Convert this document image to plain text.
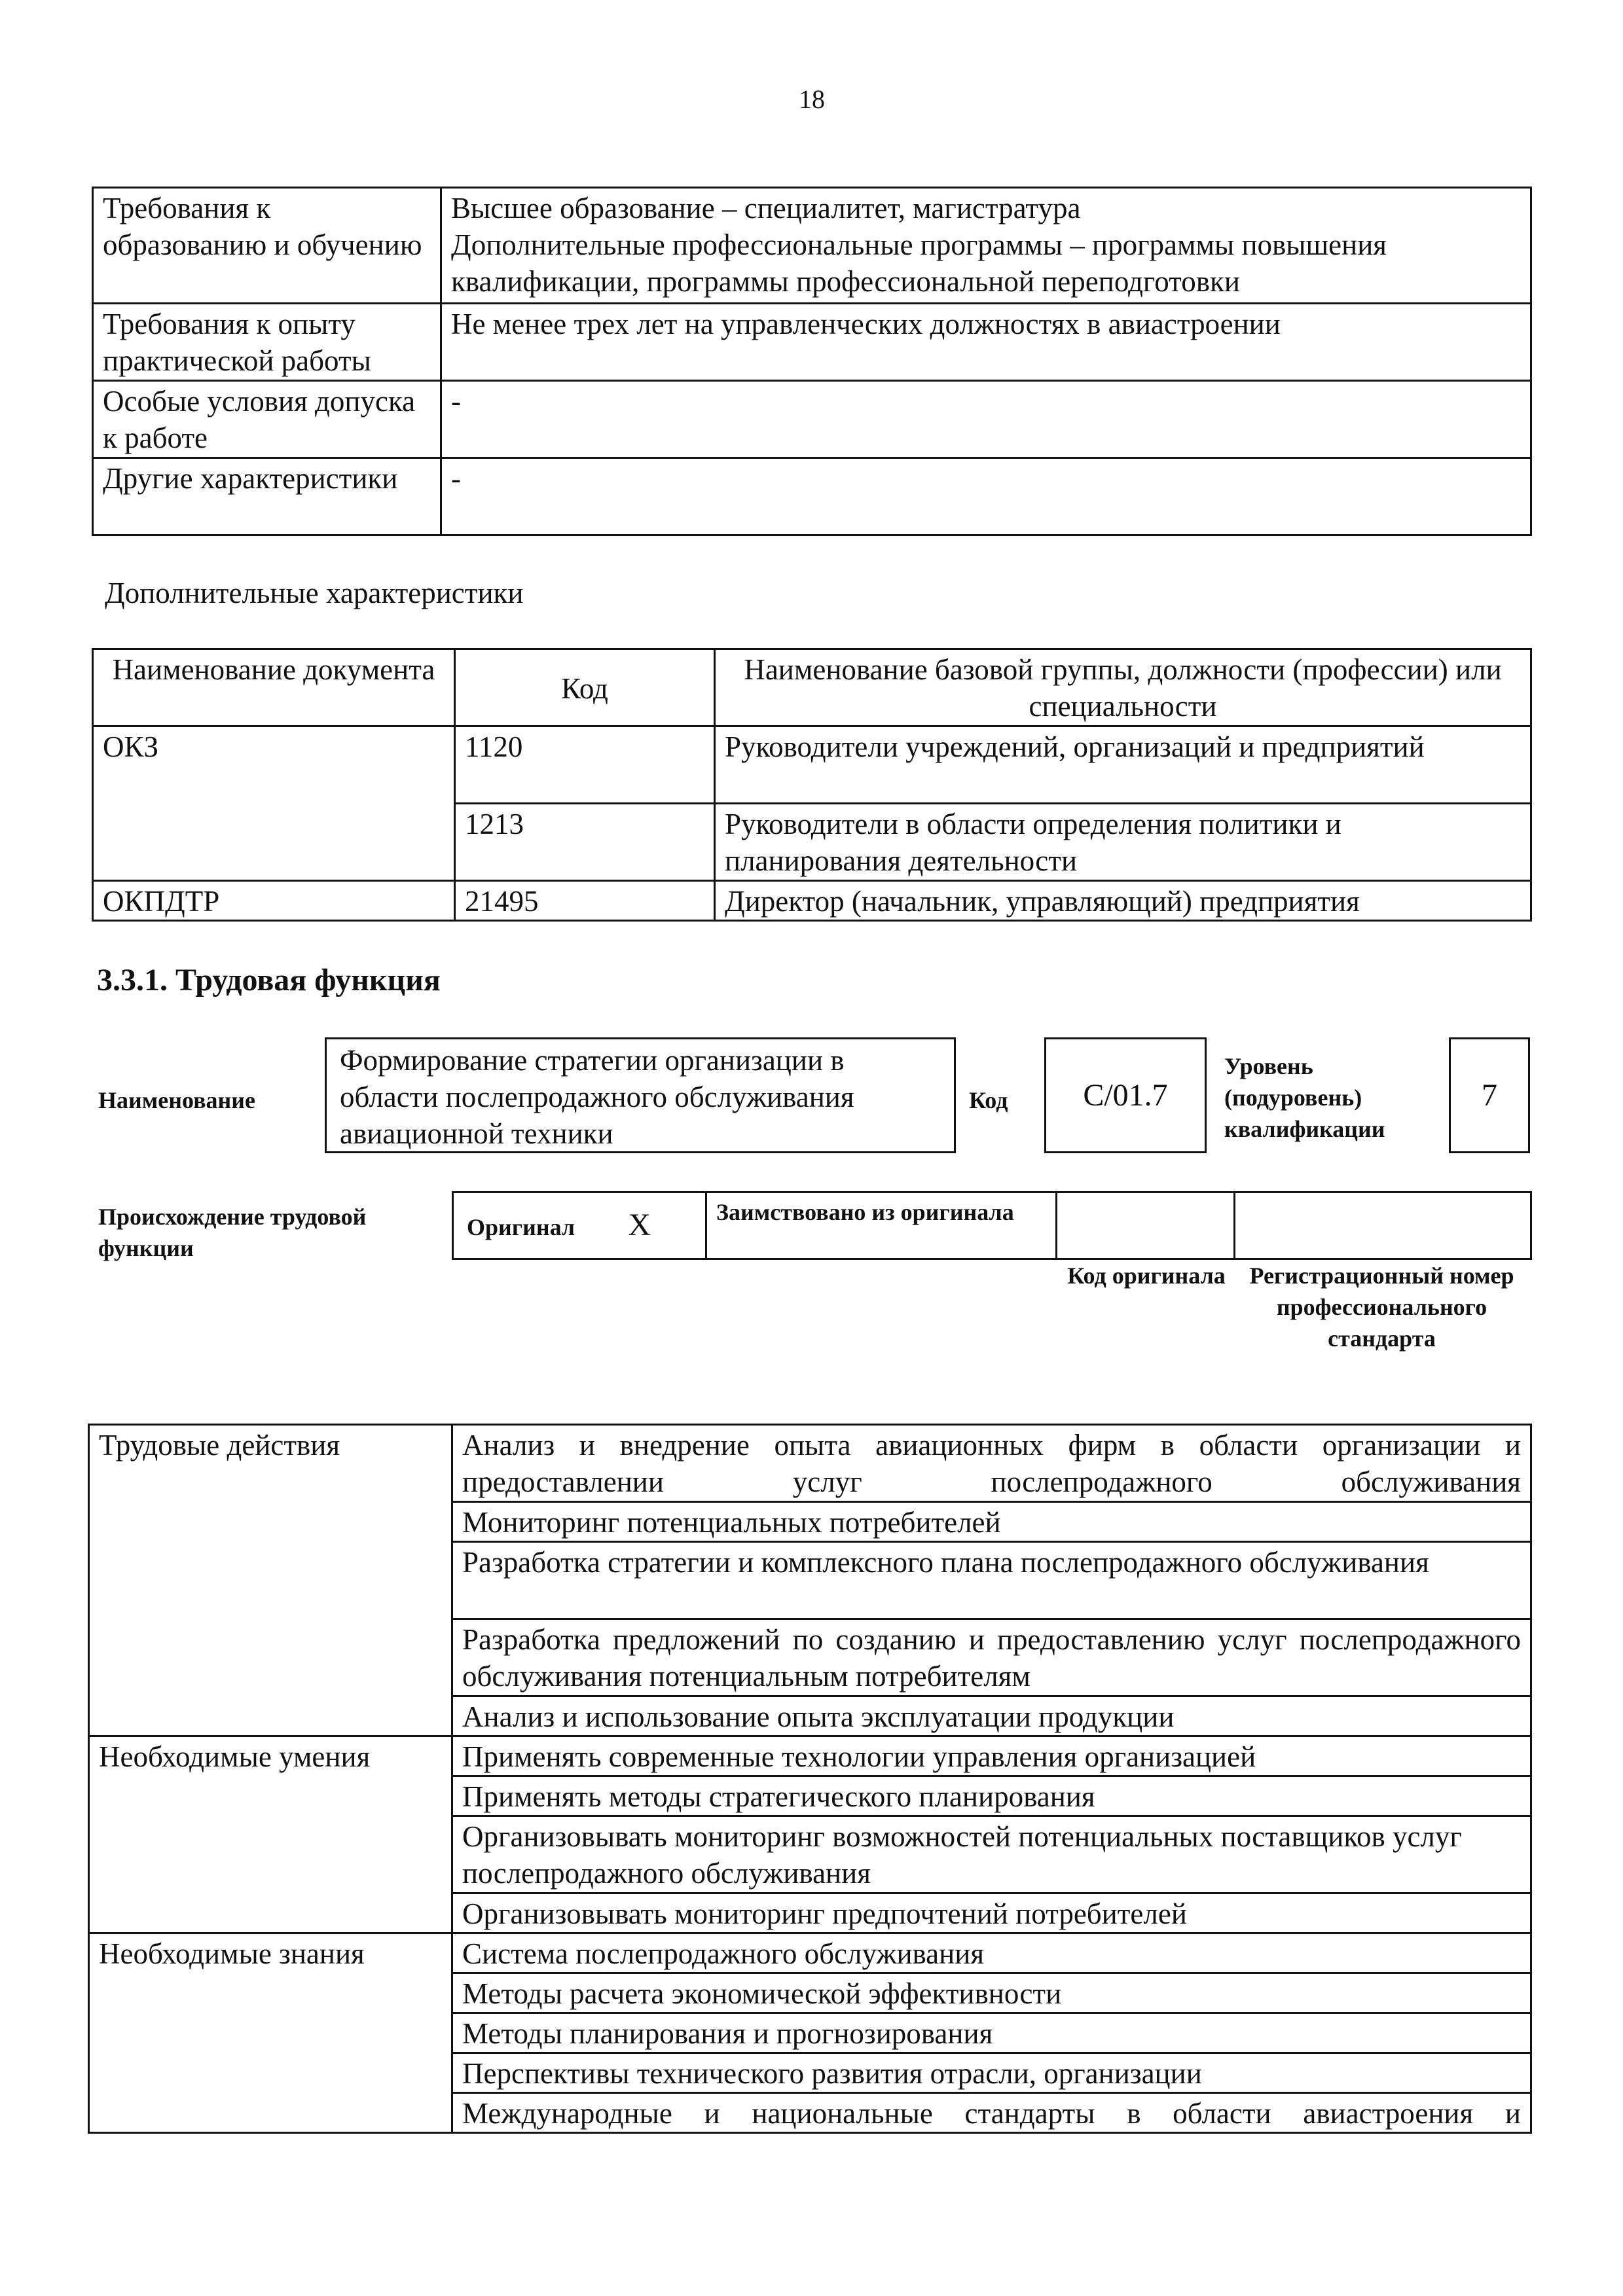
18
Требования к образованию и обучению	Высшее образование – специалитет, магистратура
Дополнительные профессиональные программы – программы повышения квалификации, программы профессиональной переподготовки

Требования к опыту практической работы	Не менее трех лет на управленческих должностях в авиастроении
Особые условия допуска к работе	-
Другие характеристики	-
Дополнительные характеристики
Наименование документа	Код	Наименование базовой группы, должности (профессии) или специальности
ОКЗ	1120	Руководители учреждений, организаций и предприятий
	1213	Руководители в области определения политики и планирования деятельности
ОКПДТР	21495	Директор (начальник, управляющий) предприятия
3.3.1. Трудовая функция
Наименование
Формирование стратегии организации в области послепродажного обслуживания авиационной техники
Код	C/01.7
Уровень (подуровень) квалификации
7
Происхождение трудовой функции
Оригинал X	Заимствовано из оригинала		
Код оригинала	Регистрационный номер профессионального стандарта
Трудовые действия	Анализ и внедрение опыта авиационных фирм в области организации и предоставлении услуг послепродажного обслуживания
	Мониторинг потенциальных потребителей
	Разработка стратегии и комплексного плана послепродажного обслуживания
	Разработка предложений по созданию и предоставлению услуг послепродажного обслуживания потенциальным потребителям
	Анализ и использование опыта эксплуатации продукции
Необходимые умения	Применять современные технологии управления организацией
	Применять методы стратегического планирования
	Организовывать мониторинг возможностей потенциальных поставщиков услуг послепродажного обслуживания
	Организовывать мониторинг предпочтений потребителей
Необходимые знания	Система послепродажного обслуживания
	Методы расчета экономической эффективности
	Методы планирования и прогнозирования
	Перспективы технического развития отрасли, организации
	Международные и национальные стандарты в области авиастроения и
